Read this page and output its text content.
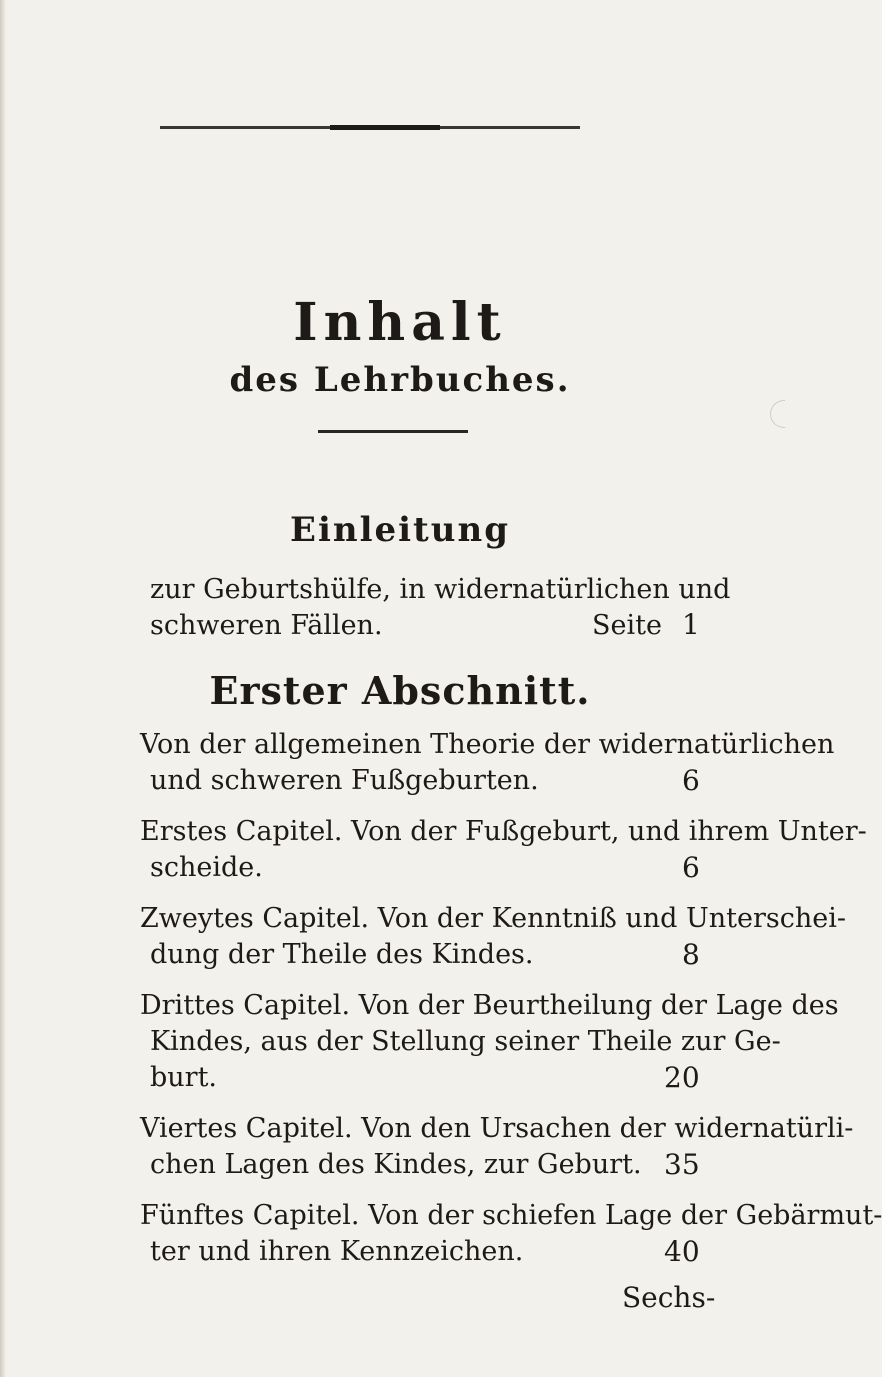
Inhalt
des Lehrbuches.
Einleitung
zur Geburtshülfe, in widernatürlichen und
schweren Fällen.	Seite 1
Erster Abschnitt.
Von der allgemeinen Theorie der widernatürlichen
und schweren Fußgeburten.	6
Erstes Capitel. Von der Fußgeburt, und ihrem Unter-
scheide.	6
Zweytes Capitel. Von der Kenntniß und Unterschei-
dung der Theile des Kindes.	8
Drittes Capitel. Von der Beurtheilung der Lage des
Kindes, aus der Stellung seiner Theile zur Ge-
burt.	20
Viertes Capitel. Von den Ursachen der widernatürli-
chen Lagen des Kindes, zur Geburt. 35
Fünftes Capitel. Von der schiefen Lage der Gebärmut-
ter und ihren Kennzeichen.	40
Sechs-
